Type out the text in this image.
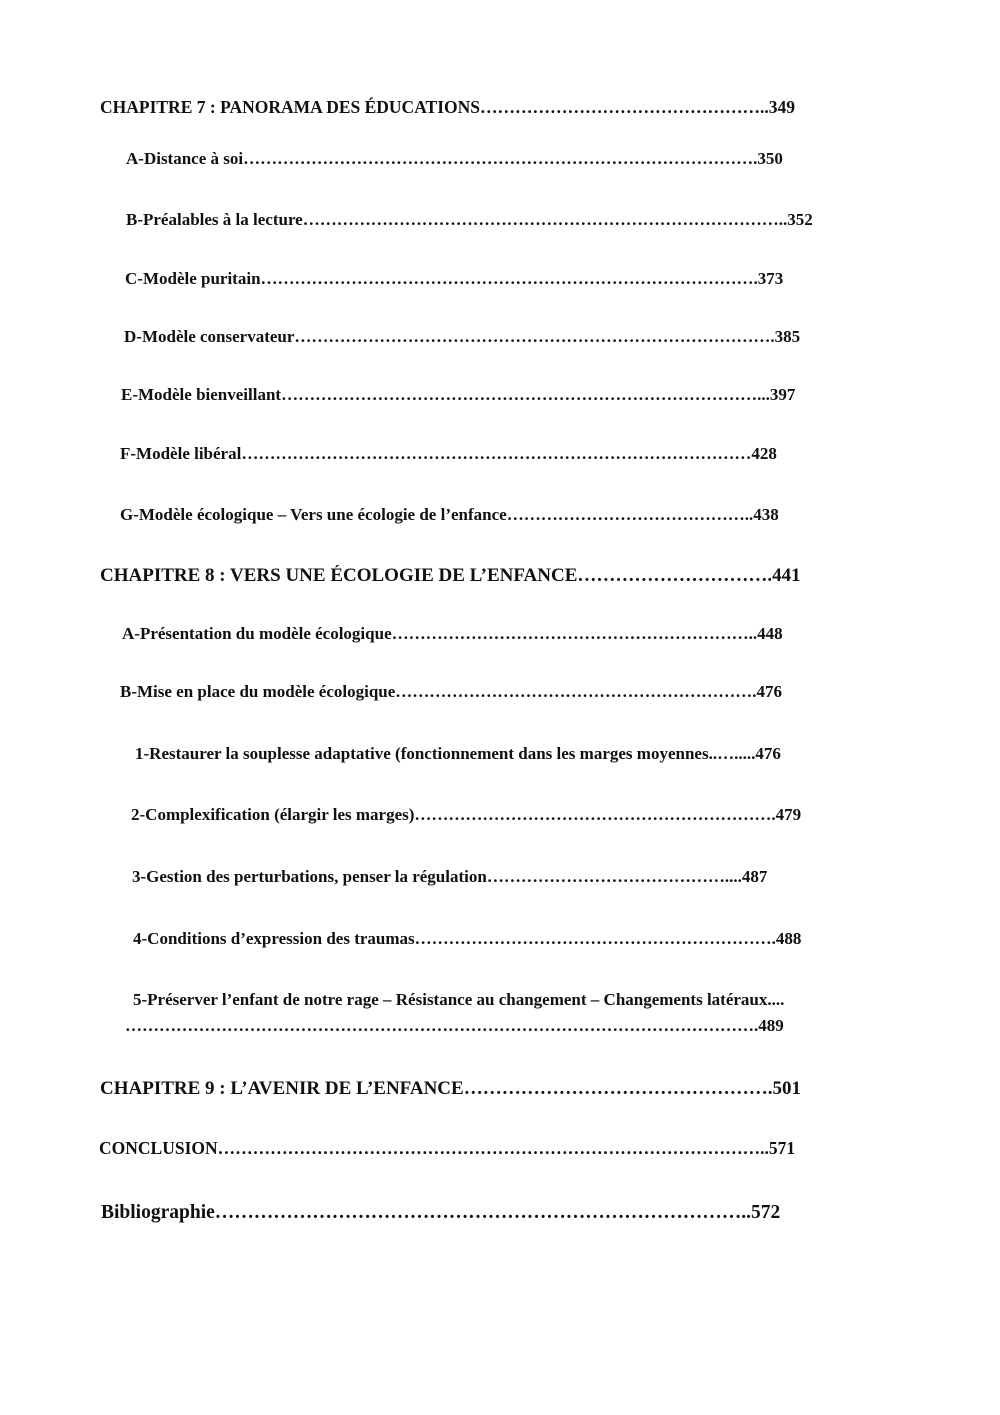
CHAPITRE 7 : PANORAMA DES ÉDUCATIONS…………………………………………..349
A-Distance à soi……………………………………………………………………………….350
B-Préalables à la lecture…………………………………………………………………………..352
C-Modèle puritain…………………………………………………………………………….373
D-Modèle conservateur………………………………………………………………………….385
E-Modèle bienveillant…………………………………………………………………………...397
F-Modèle libéral………………………………………………………………………………428
G-Modèle écologique – Vers une écologie de l’enfance……………………………………..438
CHAPITRE 8 : VERS UNE ÉCOLOGIE DE L’ENFANCE………………………….441
A-Présentation du modèle écologique………………………………………………………..448
B-Mise en place du modèle écologique……………………………………………………….476
1-Restaurer la souplesse adaptative (fonctionnement dans les marges moyennes..….....476
2-Complexification (élargir les marges)……………………………………………………….479
3-Gestion des perturbations, penser la régulation……………………………………....487
4-Conditions d’expression des traumas……………………………………………………….488
5-Préserver l’enfant de notre rage – Résistance au changement – Changements latéraux....
………………………………………………………………………………………………….489
CHAPITRE 9 : L’AVENIR DE L’ENFANCE………………………………………….501
CONCLUSION…………………………………………………………………………………..571
Bibliographie………………………………………………………………………..572
